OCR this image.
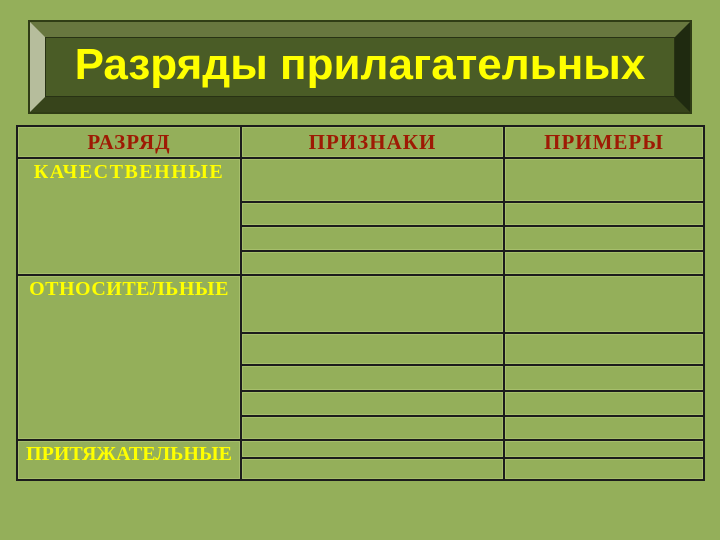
Разряды прилагательных
РАЗРЯД	ПРИЗНАКИ	ПРИМЕРЫ
КАЧЕСТВЕННЫЕ		

ОТНОСИТЕЛЬНЫЕ		

ПРИТЯЖАТЕЛЬНЫЕ		
